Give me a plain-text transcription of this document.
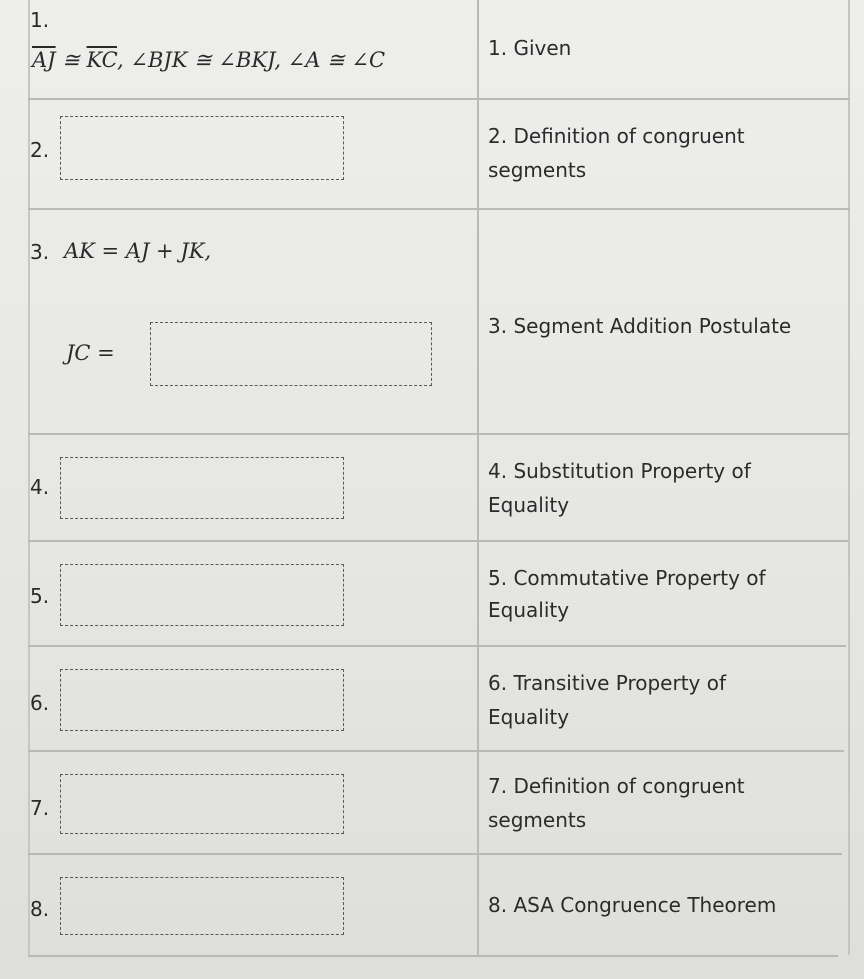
1.
$\overline{AJ}$ ≅ $\overline{KC}$, ∠BJK ≅ ∠BKJ, ∠A ≅ ∠C	1. Given
2.
2. Definition of congruent
segments
3. AK = AJ + JK,
JC =
3. Segment Addition Postulate
4.
4. Substitution Property of
Equality
5.
5. Commutative Property of
Equality
6.
6. Transitive Property of
Equality
7.
7. Definition of congruent
segments
8.	8. ASA Congruence Theorem
